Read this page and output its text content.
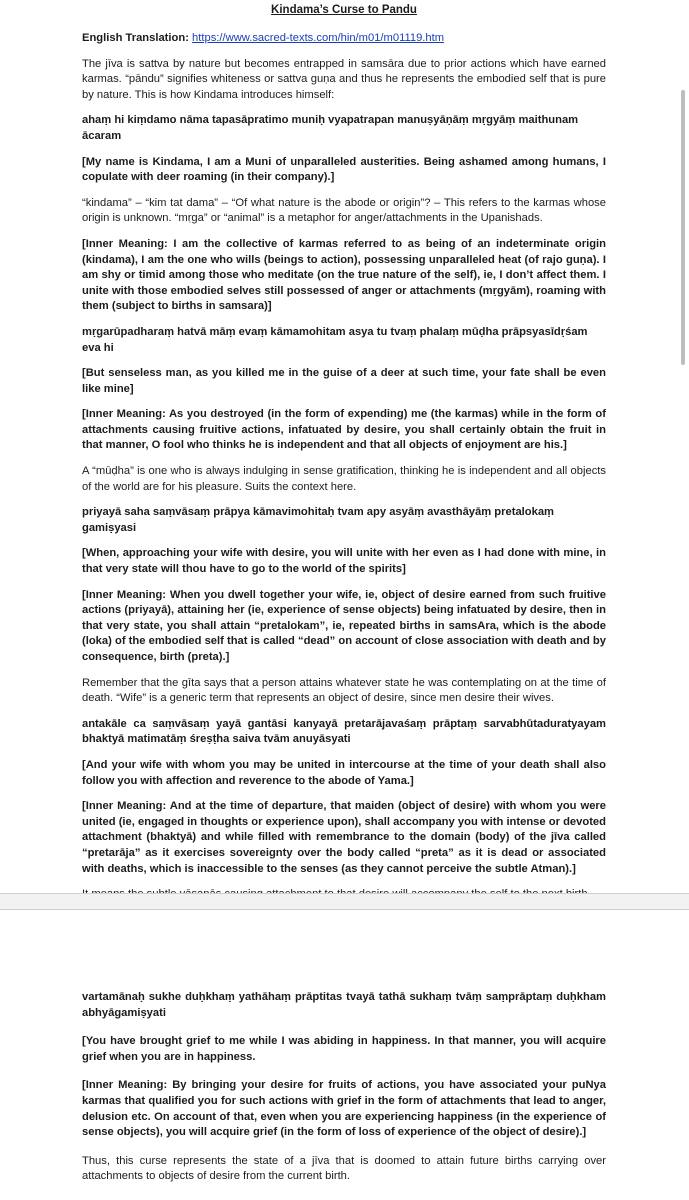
Kindama’s Curse to Pandu

English Translation: https://www.sacred-texts.com/hin/m01/m01119.htm

The jīva is sattva by nature but becomes entrapped in samsāra due to prior actions which have earned karmas. “pāndu” signifies whiteness or sattva guṇa and thus he represents the embodied self that is pure by nature. This is how Kindama introduces himself:

ahaṃ hi kiṃdamo nāma tapasāpratimo muniḥ vyapatrapan manuṣyāṇāṃ mṛgyāṃ maithunam ācaram

[My name is Kindama, I am a Muni of unparalleled austerities. Being ashamed among humans, I copulate with deer roaming (in their company).]

“kindama” – “kim tat dama” – “Of what nature is the abode or origin”? – This refers to the karmas whose origin is unknown. “mṛga” or “animal” is a metaphor for anger/attachments in the Upanishads.

[Inner Meaning: I am the collective of karmas referred to as being of an indeterminate origin (kindama), I am the one who wills (beings to action), possessing unparalleled heat (of rajo guṇa). I am shy or timid among those who meditate (on the true nature of the self), ie, I don’t affect them. I unite with those embodied selves still possessed of anger or attachments (mṛgyām), roaming with them (subject to births in samsara)]

mṛgarūpadharaṃ hatvā māṃ evaṃ kāmamohitam asya tu tvaṃ phalaṃ mūḍha prāpsyasīdṛśam eva hi

[But senseless man, as you killed me in the guise of a deer at such time, your fate shall be even like mine]

[Inner Meaning: As you destroyed (in the form of expending) me (the karmas) while in the form of attachments causing fruitive actions, infatuated by desire, you shall certainly obtain the fruit in that manner, O fool who thinks he is independent and that all objects of enjoyment are his.]

A “mūḍha” is one who is always indulging in sense gratification, thinking he is independent and all objects of the world are for his pleasure. Suits the context here.

priyayā saha saṃvāsaṃ prāpya kāmavimohitaḥ tvam apy asyāṃ avasthāyāṃ pretalokaṃ gamiṣyasi

[When, approaching your wife with desire, you will unite with her even as I had done with mine, in that very state will thou have to go to the world of the spirits]

[Inner Meaning: When you dwell together your wife, ie, object of desire earned from such fruitive actions (priyayā), attaining her (ie, experience of sense objects) being infatuated by desire, then in that very state, you shall attain “pretalokam”, ie, repeated births in samsAra, which is the abode (loka) of the embodied self that is called “dead” on account of close association with death and by consequence, birth (preta).]

Remember that the gīta says that a person attains whatever state he was contemplating on at the time of death. “Wife” is a generic term that represents an object of desire, since men desire their wives.

antakāle ca saṃvāsaṃ yayā gantāsi kanyayā pretarājavaśaṃ prāptaṃ sarvabhūtaduratyayam bhaktyā matimatāṃ śreṣṭha saiva tvām anuyāsyati

[And your wife with whom you may be united in intercourse at the time of your death shall also follow you with affection and reverence to the abode of Yama.]

[Inner Meaning: And at the time of departure, that maiden (object of desire) with whom you were united (ie, engaged in thoughts or experience upon), shall accompany you with intense or devoted attachment (bhaktyā) and while filled with remembrance to the domain (body) of the jīva called “pretarāja” as it exercises sovereignty over the body called “preta” as it is dead or associated with deaths, which is inaccessible to the senses (as they cannot perceive the subtle Atman).]

vartamānaḥ sukhe duḥkhaṃ yathāhaṃ prāptitas tvayā tathā sukhaṃ tvāṃ saṃprāptaṃ duḥkham abhyāgamiṣyati

[You have brought grief to me while I was abiding in happiness. In that manner, you will acquire grief when you are in happiness.

[Inner Meaning: By bringing your desire for fruits of actions, you have associated your puNya karmas that qualified you for such actions with grief in the form of attachments that lead to anger, delusion etc. On account of that, even when you are experiencing happiness (in the experience of sense objects), you will acquire grief (in the form of loss of experience of the object of desire).]

Thus, this curse represents the state of a jīva that is doomed to attain future births carrying over attachments to objects of desire from the current birth.
